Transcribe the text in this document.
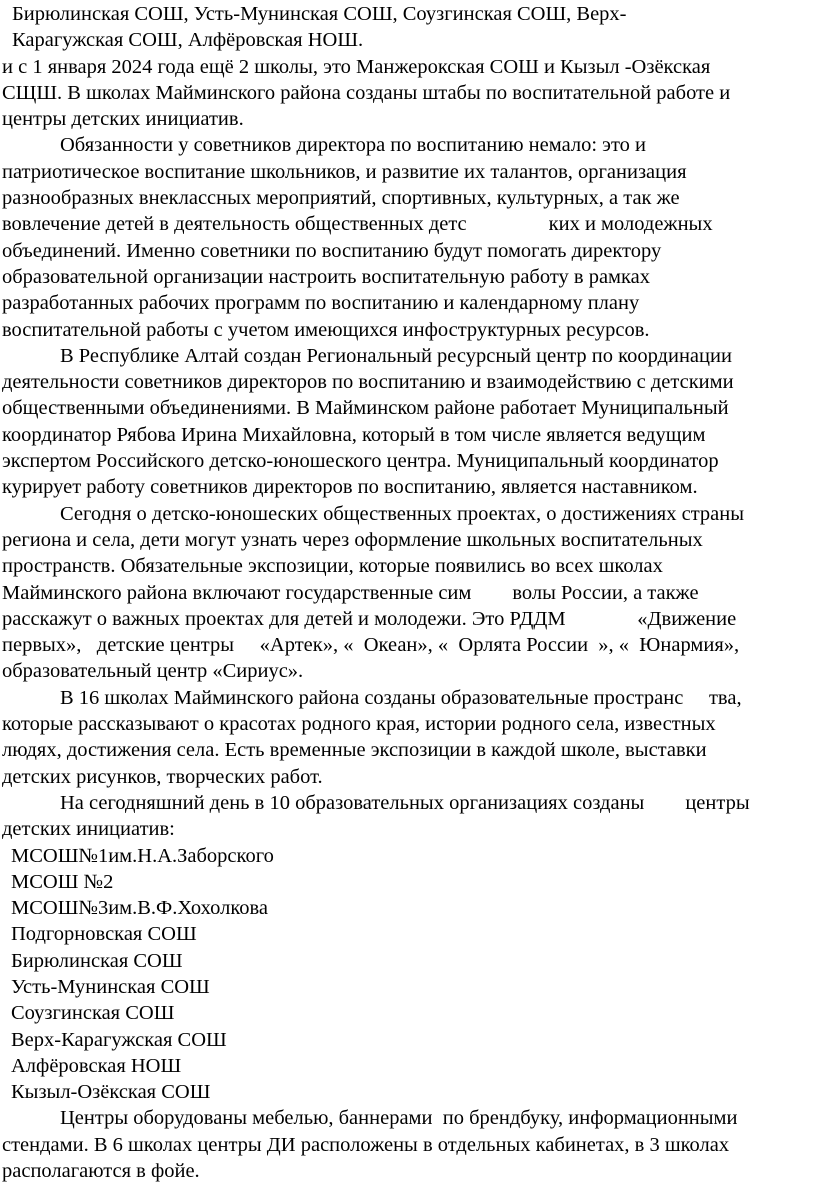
Бирюлинская СОШ, Усть-Мунинская СОШ, Соузгинская СОШ, Верх-
Карагужская СОШ, Алфёровская НОШ.
и с 1 января 2024 года ещё 2 школы, это Манжерокская СОШ и Кызыл -Озёкская
СЩШ. В школах Майминского района созданы штабы по воспитательной работе и
центры детских инициатив.
Обязанности у советников директора по воспитанию немало: это и
патриотическое воспитание школьников, и развитие их талантов, организация
разнообразных внеклассных мероприятий, спортивных, культурных, а так же
вовлечение детей в деятельность общественных детс                ких и молодежных
объединений. Именно советники по воспитанию будут помогать директору
образовательной организации настроить воспитательную работу в рамках
разработанных рабочих программ по воспитанию и календарному плану
воспитательной работы с учетом имеющихся инфоструктурных ресурсов.
В Республике Алтай создан Региональный ресурсный центр по координации
деятельности советников директоров по воспитанию и взаимодействию с детскими
общественными объединениями. В Майминском районе работает Муниципальный
координатор Рябова Ирина Михайловна, который в том числе является ведущим
экспертом Российского детско-юношеского центра. Муниципальный координатор
курирует работу советников директоров по воспитанию, является наставником.
Сегодня о детско-юношеских общественных проектах, о достижениях страны
региона и села, дети могут узнать через оформление школьных воспитательных
пространств. Обязательные экспозиции, которые появились во всех школах
Майминского района включают государственные сим        волы России, а также
расскажут о важных проектах для детей и молодежи. Это РДДМ              «Движение
первых»,   детские центры     «Артек», «  Океан», «  Орлята России  », «  Юнармия»,
образовательный центр «Сириус».
В 16 школах Майминского района созданы образовательные пространс     тва,
которые рассказывают о красотах родного края, истории родного села, известных
людях, достижения села. Есть временные экспозиции в каждой школе, выставки
детских рисунков, творческих работ.
На сегодняшний день в 10 образовательных организациях созданы        центры
детских инициатив:
МСОШ№1им.Н.А.Заборского
МСОШ №2
МСОШ№3им.В.Ф.Хохолкова
Подгорновская СОШ
Бирюлинская СОШ
Усть-Мунинская СОШ
Соузгинская СОШ
Верх-Карагужская СОШ
Алфёровская НОШ
Кызыл-Озёкская СОШ
Центры оборудованы мебелью, баннерами  по брендбуку, информационными
стендами. В 6 школах центры ДИ расположены в отдельных кабинетах, в 3 школах
располагаются в фойе.
